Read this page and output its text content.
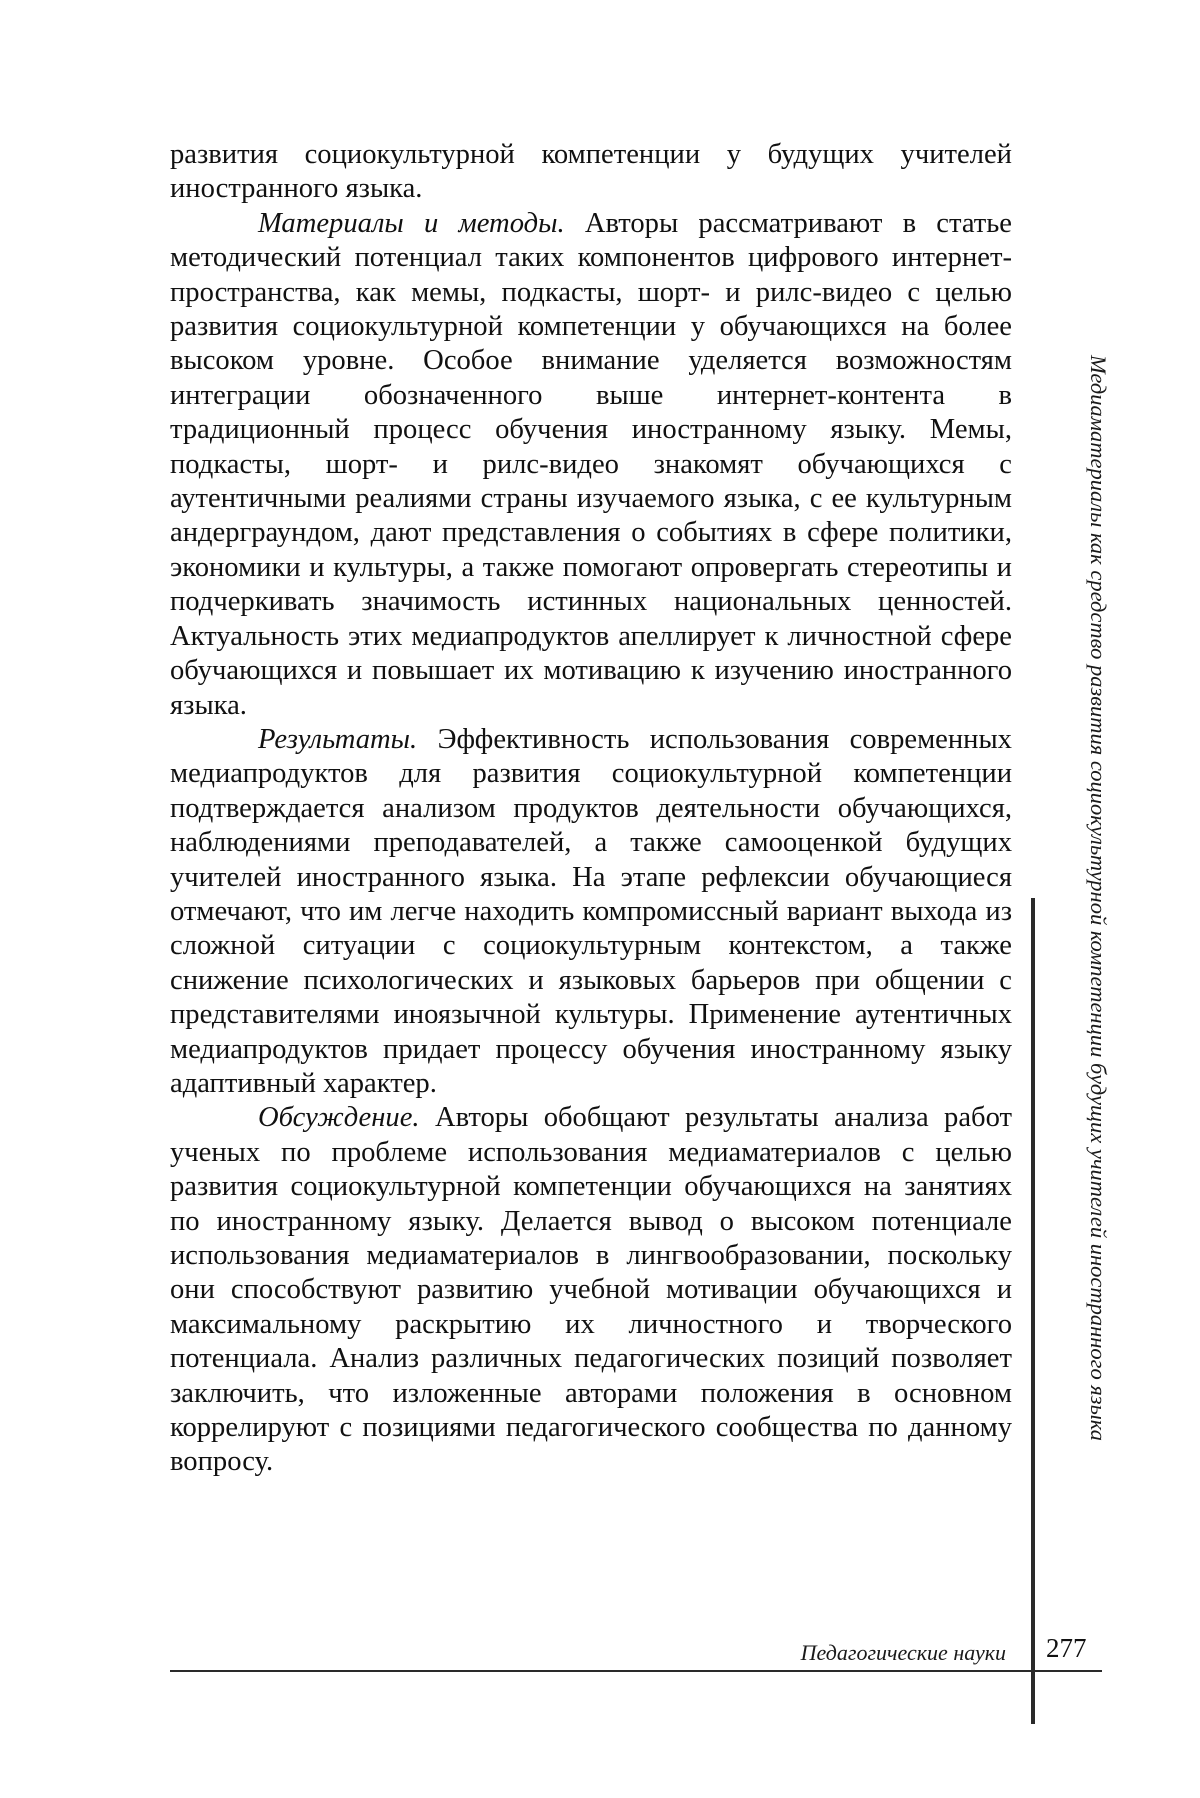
развития социокультурной компетенции у будущих учителей иностранного языка.

Материалы и методы. Авторы рассматривают в статье методический потенциал таких компонентов цифрового интернет-пространства, как мемы, подкасты, шорт- и рилс-видео с целью развития социокультурной компетенции у обучающихся на более высоком уровне. Особое внимание уделяется возможностям интеграции обозначенного выше интернет-контента в традиционный процесс обучения иностранному языку. Мемы, подкасты, шорт- и рилс-видео знакомят обучающихся с аутентичными реалиями страны изучаемого языка, с ее культурным андерграундом, дают представления о событиях в сфере политики, экономики и культуры, а также помогают опровергать стереотипы и подчеркивать значимость истинных национальных ценностей. Актуальность этих медиапродуктов апеллирует к личностной сфере обучающихся и повышает их мотивацию к изучению иностранного языка.

Результаты. Эффективность использования современных медиапродуктов для развития социокультурной компетенции подтверждается анализом продуктов деятельности обучающихся, наблюдениями преподавателей, а также самооценкой будущих учителей иностранного языка. На этапе рефлексии обучающиеся отмечают, что им легче находить компромиссный вариант выхода из сложной ситуации с социокультурным контекстом, а также снижение психологических и языковых барьеров при общении с представителями иноязычной культуры. Применение аутентичных медиапродуктов придает процессу обучения иностранному языку адаптивный характер.

Обсуждение. Авторы обобщают результаты анализа работ ученых по проблеме использования медиаматериалов с целью развития социокультурной компетенции обучающихся на занятиях по иностранному языку. Делается вывод о высоком потенциале использования медиаматериалов в лингвообразовании, поскольку они способствуют развитию учебной мотивации обучающихся и максимальному раскрытию их личностного и творческого потенциала. Анализ различных педагогических позиций позволяет заключить, что изложенные авторами положения в основном коррелируют с позициями педагогического сообщества по данному вопросу.

Медиаматериалы как средство развития социокультурной компетенции будущих учителей иностранного языка
Педагогические науки 277
